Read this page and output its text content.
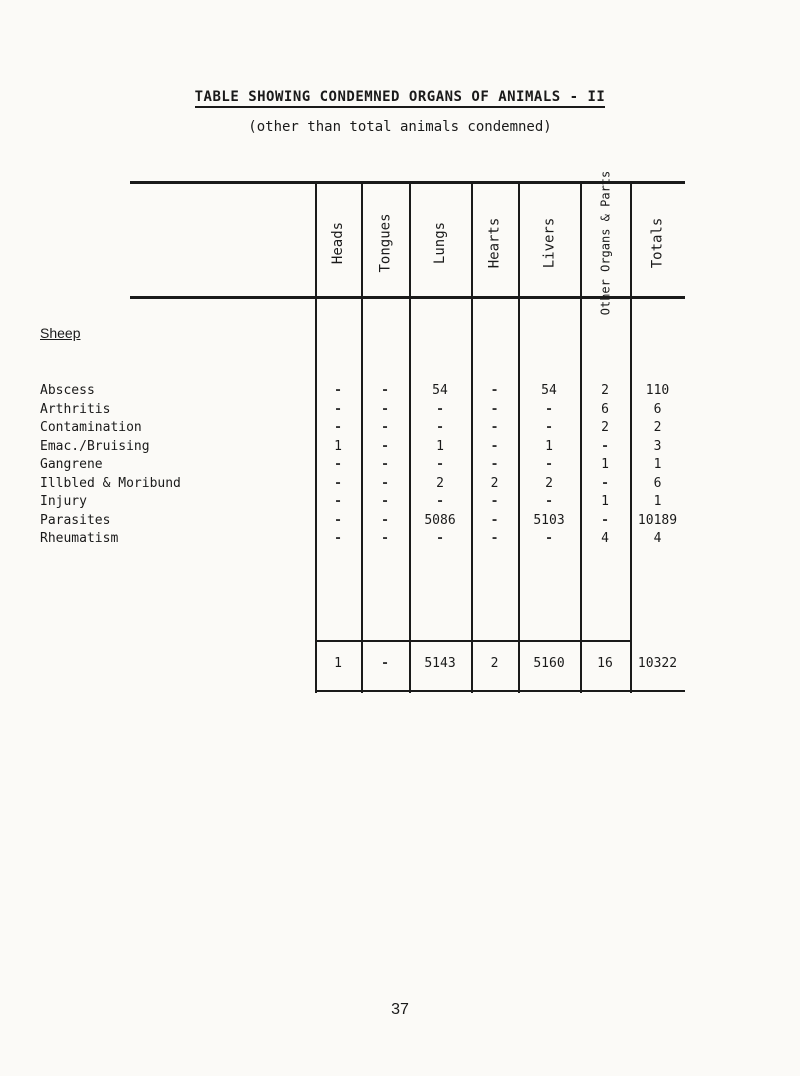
TABLE SHOWING CONDEMNED ORGANS OF ANIMALS - II
(other than total animals condemned)
Heads Tongues	Lungs	Hearts	Livers	Other Organs & Parts	Totals
Sheep
Abscess	-	-	54	-	54	2	110
Arthritis	-	-	-	-	-	6	6
Contamination	-	-	-	-	-	2	2
Emac./Bruising	1	-	1	-	1	-	3
Gangrene	-	-	-	-	-	1	1
Illbled & Moribund	-	-	2	2	2	-	6
Injury	-	-	-	-	-	1	1
Parasites	-	-	5086	-	5103	-	10189
Rheumatism	-	-	-	-	-	4	4
1	-	5143	2	5160	16	10322
37
